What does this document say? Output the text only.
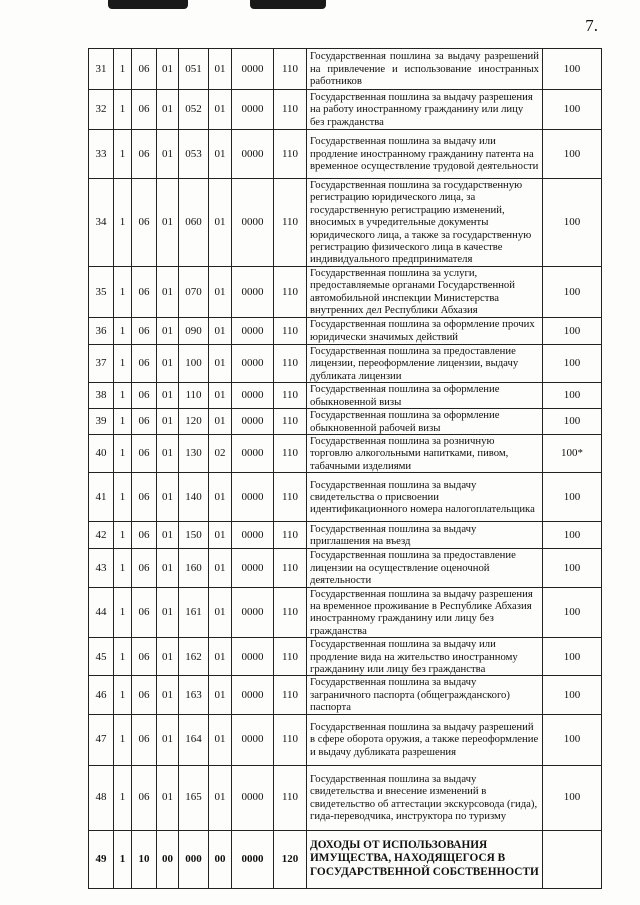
7.
31	1	06	01	051	01	0000	110	Государственная пошлина за выдачу разрешений на привлечение и использование иностранных работников	100
32	1	06	01	052	01	0000	110	Государственная пошлина за выдачу разрешения на работу иностранному гражданину или лицу без гражданства	100
33	1	06	01	053	01	0000	110	Государственная пошлина за выдачу или продление иностранному гражданину патента на временное осуществление трудовой деятельности	100
34	1	06	01	060	01	0000	110	Государственная пошлина за государственную регистрацию юридического лица, за государственную регистрацию изменений, вносимых в учредительные документы юридического лица, а также за государственную регистрацию физического лица в качестве индивидуального предпринимателя	100
35	1	06	01	070	01	0000	110	Государственная пошлина за услуги, предоставляемые органами Государственной автомобильной инспекции Министерства внутренних дел Республики Абхазия	100
36	1	06	01	090	01	0000	110	Государственная пошлина за оформление прочих юридически значимых действий	100
37	1	06	01	100	01	0000	110	Государственная пошлина за предоставление лицензии, переоформление лицензии, выдачу дубликата лицензии	100
38	1	06	01	110	01	0000	110	Государственная пошлина за оформление обыкновенной визы	100
39	1	06	01	120	01	0000	110	Государственная пошлина за оформление обыкновенной рабочей визы	100
40	1	06	01	130	02	0000	110	Государственная пошлина за розничную торговлю алкогольными напитками, пивом, табачными изделиями	100*
41	1	06	01	140	01	0000	110	Государственная пошлина за выдачу свидетельства о присвоении идентификационного номера налогоплательщика	100
42	1	06	01	150	01	0000	110	Государственная пошлина за выдачу приглашения на въезд	100
43	1	06	01	160	01	0000	110	Государственная пошлина за предоставление лицензии на осуществление оценочной деятельности	100
44	1	06	01	161	01	0000	110	Государственная пошлина за выдачу разрешения на временное проживание в Республике Абхазия иностранному гражданину или лицу без гражданства	100
45	1	06	01	162	01	0000	110	Государственная пошлина за выдачу или продление вида на жительство иностранному гражданину или лицу без гражданства	100
46	1	06	01	163	01	0000	110	Государственная пошлина за выдачу заграничного паспорта (общегражданского) паспорта	100
47	1	06	01	164	01	0000	110	Государственная пошлина за выдачу разрешений в сфере оборота оружия, а также переоформление и выдачу дубликата разрешения	100
48	1	06	01	165	01	0000	110	Государственная пошлина за выдачу свидетельства и внесение изменений в свидетельство об аттестации экскурсовода (гида), гида-переводчика, инструктора по туризму	100
49	1	10	00	000	00	0000	120	ДОХОДЫ ОТ ИСПОЛЬЗОВАНИЯ ИМУЩЕСТВА, НАХОДЯЩЕГОСЯ В ГОСУДАРСТВЕННОЙ СОБСТВЕННОСТИ	
